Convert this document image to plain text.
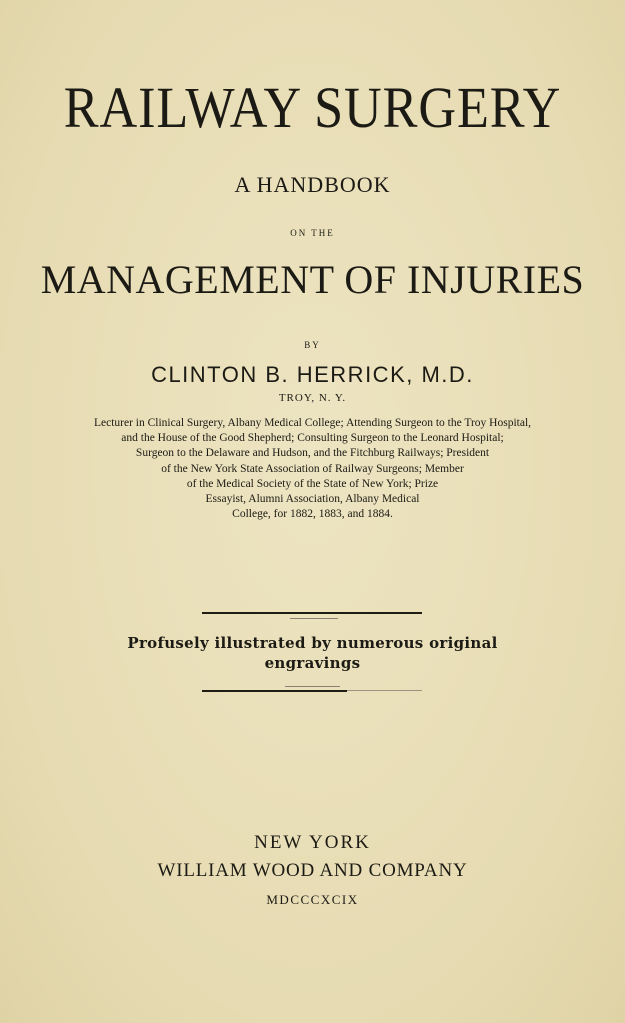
RAILWAY SURGERY
A HANDBOOK
ON THE
MANAGEMENT OF INJURIES
BY
CLINTON B. HERRICK, M.D.
TROY, N. Y.
Lecturer in Clinical Surgery, Albany Medical College; Attending Surgeon to the Troy Hospital,
and the House of the Good Shepherd; Consulting Surgeon to the Leonard Hospital;
Surgeon to the Delaware and Hudson, and the Fitchburg Railways; President
of the New York State Association of Railway Surgeons; Member
of the Medical Society of the State of New York; Prize
Essayist, Alumni Association, Albany Medical
College, for 1882, 1883, and 1884.
Profusely illustrated by numerous original
engravings
NEW YORK
WILLIAM WOOD AND COMPANY
MDCCCXCIX
